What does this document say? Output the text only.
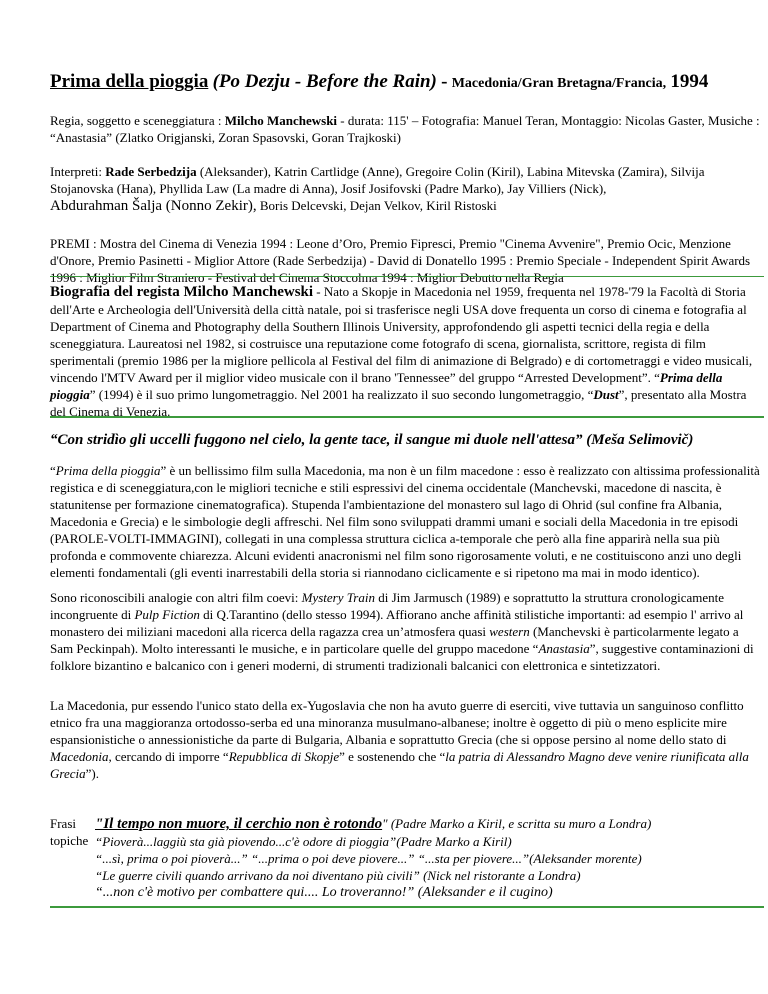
Prima della pioggia (Po Dezju - Before the Rain) - Macedonia/Gran Bretagna/Francia, 1994
Regia, soggetto e sceneggiatura : Milcho Manchewski - durata: 115' – Fotografia: Manuel Teran, Montaggio: Nicolas Gaster, Musiche : “Anastasia” (Zlatko Origjanski, Zoran Spasovski, Goran Trajkoski)
Interpreti: Rade Serbedzija (Aleksander), Katrin Cartlidge (Anne), Gregoire Colin (Kiril), Labina Mitevska (Zamira), Silvija Stojanovska (Hana), Phyllida Law (La madre di Anna), Josif Josifovski (Padre Marko), Jay Villiers (Nick),
Abdurahman Šalja (Nonno Zekir), Boris Delcevski, Dejan Velkov, Kiril Ristoski
PREMI : Mostra del Cinema di Venezia 1994 : Leone d’Oro, Premio Fipresci, Premio "Cinema Avvenire", Premio Ocic, Menzione d'Onore, Premio Pasinetti - Miglior Attore (Rade Serbedzija) - David di Donatello 1995 : Premio Speciale - Independent Spirit Awards 1996 : Miglior Film Straniero - Festival del Cinema Stoccolma 1994 : Miglior Debutto nella Regia
Biografia del regista Milcho Manchewski - Nato a Skopje in Macedonia nel 1959, frequenta nel 1978-'79 la Facoltà di Storia dell'Arte e Archeologia dell'Università della città natale, poi si trasferisce negli USA dove frequenta un corso di cinema e fotografia al Department of Cinema and Photography della Southern Illinois University, approfondendo gli aspetti tecnici della regia e della sceneggiatura. Laureatosi nel 1982, si costruisce una reputazione come fotografo di scena, giornalista, scrittore, regista di film sperimentali (premio 1986 per la migliore pellicola al Festival del film di animazione di Belgrado) e di cortometraggi e video musicali, vincendo l'MTV Award per il miglior video musicale con il brano 'Tennessee” del gruppo “Arrested Development”. “Prima della pioggia” (1994) è il suo primo lungometraggio. Nel 2001 ha realizzato il suo secondo lungometraggio, “Dust”, presentato alla Mostra del Cinema di Venezia.
“Con stridìo gli uccelli fuggono nel cielo, la gente tace, il sangue mi duole nell'attesa” (Meša Selimovič)
“Prima della pioggia” è un bellissimo film sulla Macedonia, ma non è un film macedone : esso è realizzato con altissima professionalità registica e di sceneggiatura,con le migliori tecniche e stili espressivi del cinema occidentale (Manchevski, macedone di nascita, è statunitense per formazione cinematografica). Stupenda l'ambientazione del monastero sul lago di Ohrid (sul confine fra Albania, Macedonia e Grecia) e le simbologie degli affreschi. Nel film sono sviluppati drammi umani e sociali della Macedonia in tre episodi (PAROLE-VOLTI-IMMAGINI), collegati in una complessa struttura ciclica a-temporale che però alla fine apparirà nella sua più profonda e commovente chiarezza. Alcuni evidenti anacronismi nel film sono rigorosamente voluti, e ne costituiscono anzi uno degli elementi fondamentali (gli eventi inarrestabili della storia si riannodano ciclicamente e si ripetono ma mai in modo identico).
Sono riconoscibili analogie con altri film coevi: Mystery Train di Jim Jarmusch (1989) e soprattutto la struttura cronologicamente incongruente di Pulp Fiction di Q.Tarantino (dello stesso 1994). Affiorano anche affinità stilistiche importanti: ad esempio l' arrivo al monastero dei miliziani macedoni alla ricerca della ragazza crea un’atmosfera quasi western (Manchevski è particolarmente legato a Sam Peckinpah). Molto interessanti le musiche, e in particolare quelle del gruppo macedone “Anastasia”, suggestive contaminazioni di folklore bizantino e balcanico con i generi moderni, di strumenti tradizionali balcanici con elettronica e sintetizzatori.
La Macedonia, pur essendo l'unico stato della ex-Yugoslavia che non ha avuto guerre di eserciti, vive tuttavia un sanguinoso conflitto etnico fra una maggioranza ortodosso-serba ed una minoranza musulmano-albanese; inoltre è oggetto di più o meno esplicite mire espansionistiche o annessionistiche da parte di Bulgaria, Albania e soprattutto Grecia (che si oppose persino al nome dello stato di Macedonia, cercando di imporre “Repubblica di Skopje” e sostenendo che “la patria di Alessandro Magno deve venire riunificata alla Grecia”).
Frasi
topiche
"Il tempo non muore, il cerchio non è rotondo" (Padre Marko a Kiril, e scritta su muro a Londra)
“Pioverà...laggiù sta già piovendo...c'è odore di pioggia”(Padre Marko a Kiril)
“...sì, prima o poi pioverà...” “...prima o poi deve piovere...” “...sta per piovere...”(Aleksander morente)
“Le guerre civili quando arrivano da noi diventano più civili” (Nick nel ristorante a Londra)
“...non c'è motivo per combattere qui.... Lo troveranno!” (Aleksander e il cugino)
